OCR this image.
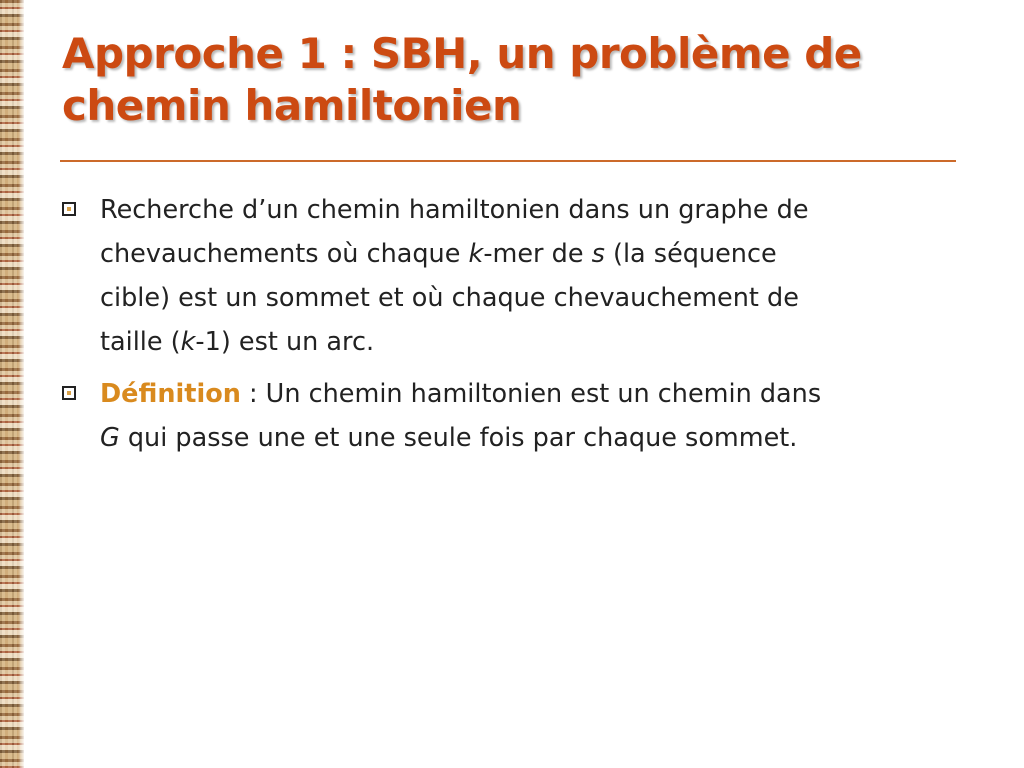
Approche 1 : SBH, un problème de
chemin hamiltonien
Recherche d’un chemin hamiltonien dans un graphe de
chevauchements où chaque k-mer de s (la séquence
cible) est un sommet et où chaque chevauchement de
taille (k-1) est un arc.
Définition : Un chemin hamiltonien est un chemin dans
G qui passe une et une seule fois par chaque sommet.
